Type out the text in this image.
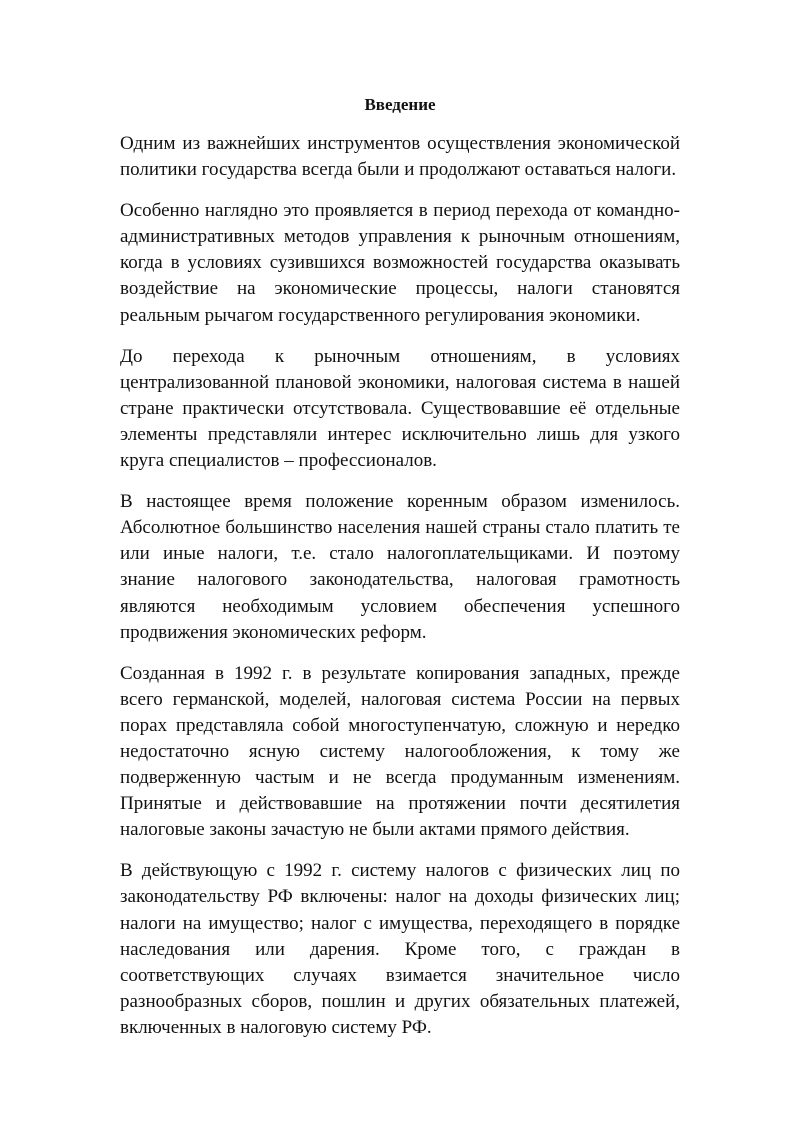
Введение

Одним из важнейших инструментов осуществления экономической политики государства всегда были и продолжают оставаться налоги.

Особенно наглядно это проявляется в период перехода от командно-административных методов управления к рыночным отношениям, когда в условиях сузившихся возможностей государства оказывать воздействие на экономические процессы, налоги становятся реальным рычагом государственного регулирования экономики.

До перехода к рыночным отношениям, в условиях централизованной плановой экономики, налоговая система в нашей стране практически отсутствовала. Существовавшие её отдельные элементы представляли интерес исключительно лишь для узкого круга специалистов – профессионалов.

В настоящее время положение коренным образом изменилось. Абсолютное большинство населения нашей страны стало платить те или иные налоги, т.е. стало налогоплательщиками. И поэтому знание налогового законодательства, налоговая грамотность являются необходимым условием обеспечения успешного продвижения экономических реформ.

Созданная в 1992 г. в результате копирования западных, прежде всего германской, моделей, налоговая система России на первых порах представляла собой многоступенчатую, сложную и нередко недостаточно ясную систему налогообложения, к тому же подверженную частым и не всегда продуманным изменениям. Принятые и действовавшие на протяжении почти десятилетия налоговые законы зачастую не были актами прямого действия.

В действующую с 1992 г. систему налогов с физических лиц по законодательству РФ включены: налог на доходы физических лиц; налоги на имущество; налог с имущества, переходящего в порядке наследования или дарения. Кроме того, с граждан в соответствующих случаях взимается значительное число разнообразных сборов, пошлин и других обязательных платежей, включенных в налоговую систему РФ.
